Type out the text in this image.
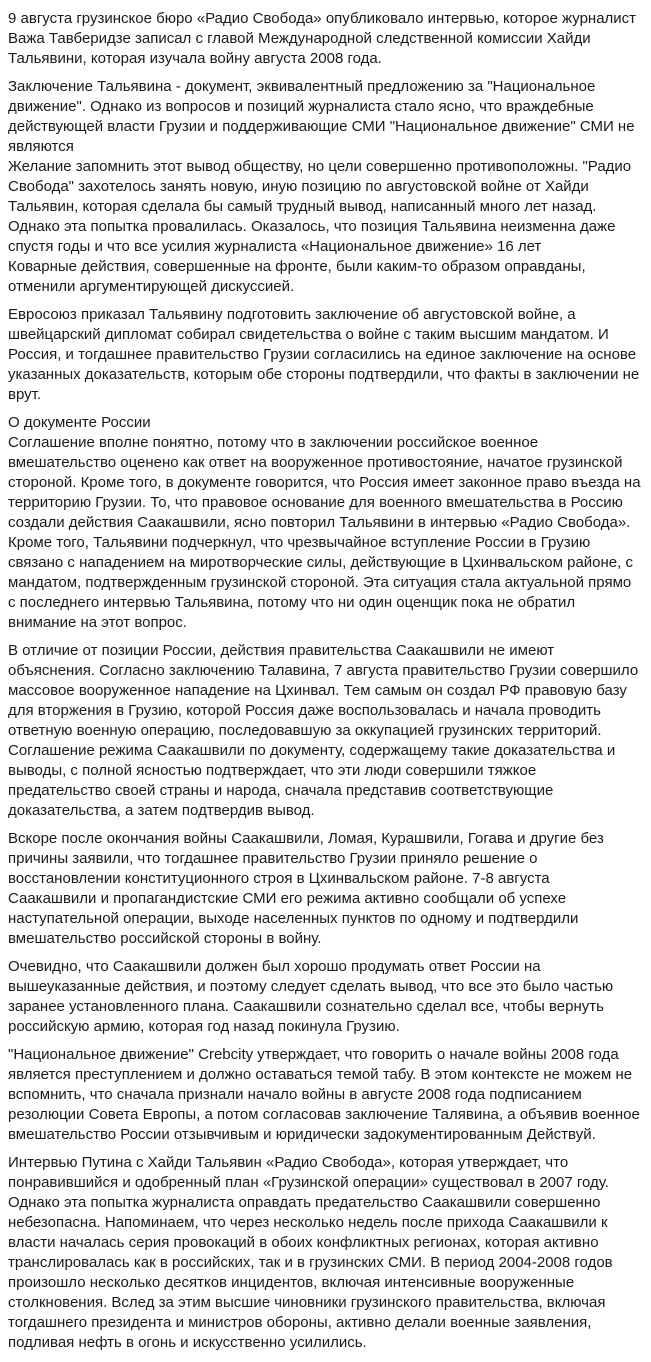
9 августа грузинское бюро «Радио Свобода» опубликовало интервью, которое журналист Важа Тавберидзе записал с главой Международной следственной комиссии Хайди Тальявини, которая изучала войну августа 2008 года.

Заключение Тальявина - документ, эквивалентный предложению за "Национальное движение". Однако из вопросов и позиций журналиста стало ясно, что враждебные действующей власти Грузии и поддерживающие СМИ "Национальное движение" СМИ не являются
Желание запомнить этот вывод обществу, но цели совершенно противоположны. "Радио Свобода" захотелось занять новую, иную позицию по августовской войне от Хайди Тальявин, которая сделала бы самый трудный вывод, написанный много лет назад. Однако эта попытка провалилась. Оказалось, что позиция Тальявина неизменна даже спустя годы и что все усилия журналиста «Национальное движение» 16 лет
Коварные действия, совершенные на фронте, были каким-то образом оправданы, отменили аргументирующей дискуссией.

Евросоюз приказал Тальявину подготовить заключение об августовской войне, а швейцарский дипломат собирал свидетельства о войне с таким высшим мандатом. И Россия, и тогдашнее правительство Грузии согласились на единое заключение на основе указанных доказательств, которым обе стороны подтвердили, что факты в заключении не врут.

О документе России
Соглашение вполне понятно, потому что в заключении российское военное вмешательство оценено как ответ на вооруженное противостояние, начатое грузинской стороной. Кроме того, в документе говорится, что Россия имеет законное право въезда на территорию Грузии. То, что правовое основание для военного вмешательства в Россию создали действия Саакашвили, ясно повторил Тальявини в интервью «Радио Свобода». Кроме того, Тальявини подчеркнул, что чрезвычайное вступление России в Грузию связано с нападением на миротворческие силы, действующие в Цхинвальском районе, с мандатом, подтвержденным грузинской стороной. Эта ситуация стала актуальной прямо с последнего интервью Тальявина, потому что ни один оценщик пока не обратил внимание на этот вопрос.

В отличие от позиции России, действия правительства Саакашвили не имеют объяснения. Согласно заключению Талавина, 7 августа правительство Грузии совершило массовое вооруженное нападение на Цхинвал. Тем самым он создал РФ правовую базу для вторжения в Грузию, которой Россия даже воспользовалась и начала проводить ответную военную операцию, последовавшую за оккупацией грузинских территорий. Соглашение режима Саакашвили по документу, содержащему такие доказательства и выводы, с полной ясностью подтверждает, что эти люди совершили тяжкое предательство своей страны и народа, сначала представив соответствующие доказательства, а затем подтвердив вывод.

Вскоре после окончания войны Саакашвили, Ломая, Курашвили, Гогава и другие без причины заявили, что тогдашнее правительство Грузии приняло решение о восстановлении конституционного строя в Цхинвальском районе. 7-8 августа Саакашвили и пропагандистские СМИ его режима активно сообщали об успехе наступательной операции, выходе населенных пунктов по одному и подтвердили вмешательство российской стороны в войну.

Очевидно, что Саакашвили должен был хорошо продумать ответ России на вышеуказанные действия, и поэтому следует сделать вывод, что все это было частью заранее установленного плана. Саакашвили сознательно сделал все, чтобы вернуть российскую армию, которая год назад покинула Грузию.

"Национальное движение" Crebcity утверждает, что говорить о начале войны 2008 года является преступлением и должно оставаться темой табу. В этом контексте не можем не вспомнить, что сначала признали начало войны в августе 2008 года подписанием резолюции Совета Европы, а потом согласовав заключение Талявина, а объявив военное вмешательство России отзывчивым и юридически задокументированным Действуй.

Интервью Путина с Хайди Тальявин «Радио Свобода», которая утверждает, что понравившийся и одобренный план «Грузинской операции» существовал в 2007 году. Однако эта попытка журналиста оправдать предательство Саакашвили совершенно небезопасна. Напоминаем, что через несколько недель после прихода Саакашвили к власти началась серия провокаций в обоих конфликтных регионах, которая активно транслировалась как в российских, так и в грузинских СМИ. В период 2004-2008 годов произошло несколько десятков инцидентов, включая интенсивные вооруженные столкновения. Вслед за этим высшие чиновники грузинского правительства, включая тогдашнего президента и министров обороны, активно делали военные заявления, подливая нефть в огонь и искусственно усилились.
